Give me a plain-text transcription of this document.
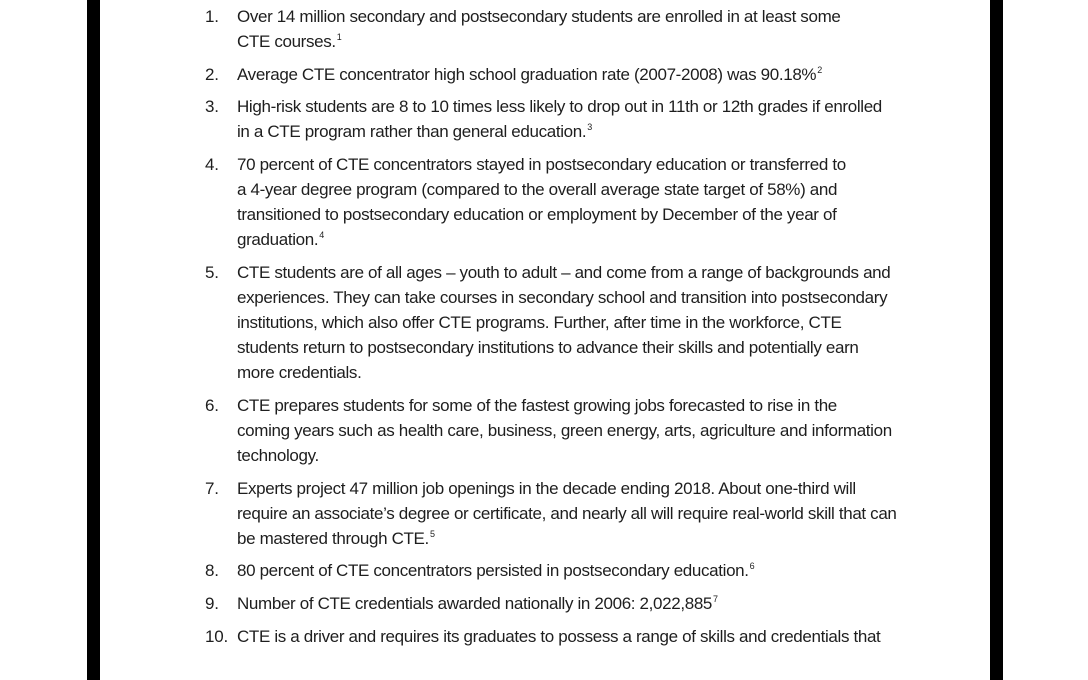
1.	Over 14 million secondary and postsecondary students are enrolled in at least some
CTE courses.$^1$
2.	Average CTE concentrator high school graduation rate (2007-2008) was 90.18%$^2$
3.	High-risk students are 8 to 10 times less likely to drop out in 11th or 12th grades if enrolled
in a CTE program rather than general education.$^3$
4.	70 percent of CTE concentrators stayed in postsecondary education or transferred to
a 4-year degree program (compared to the overall average state target of 58%) and
transitioned to postsecondary education or employment by December of the year of
graduation.$^4$
5.	CTE students are of all ages – youth to adult – and come from a range of backgrounds and
experiences. They can take courses in secondary school and transition into postsecondary
institutions, which also offer CTE programs. Further, after time in the workforce, CTE
students return to postsecondary institutions to advance their skills and potentially earn
more credentials.
6.	CTE prepares students for some of the fastest growing jobs forecasted to rise in the
coming years such as health care, business, green energy, arts, agriculture and information
technology.
7.	Experts project 47 million job openings in the decade ending 2018. About one-third will
require an associate’s degree or certificate, and nearly all will require real-world skill that can
be mastered through CTE.$^5$
8.	80 percent of CTE concentrators persisted in postsecondary education.$^6$
9.	Number of CTE credentials awarded nationally in 2006: 2,022,885$^7$
10. CTE is a driver and requires its graduates to possess a range of skills and credentials that
